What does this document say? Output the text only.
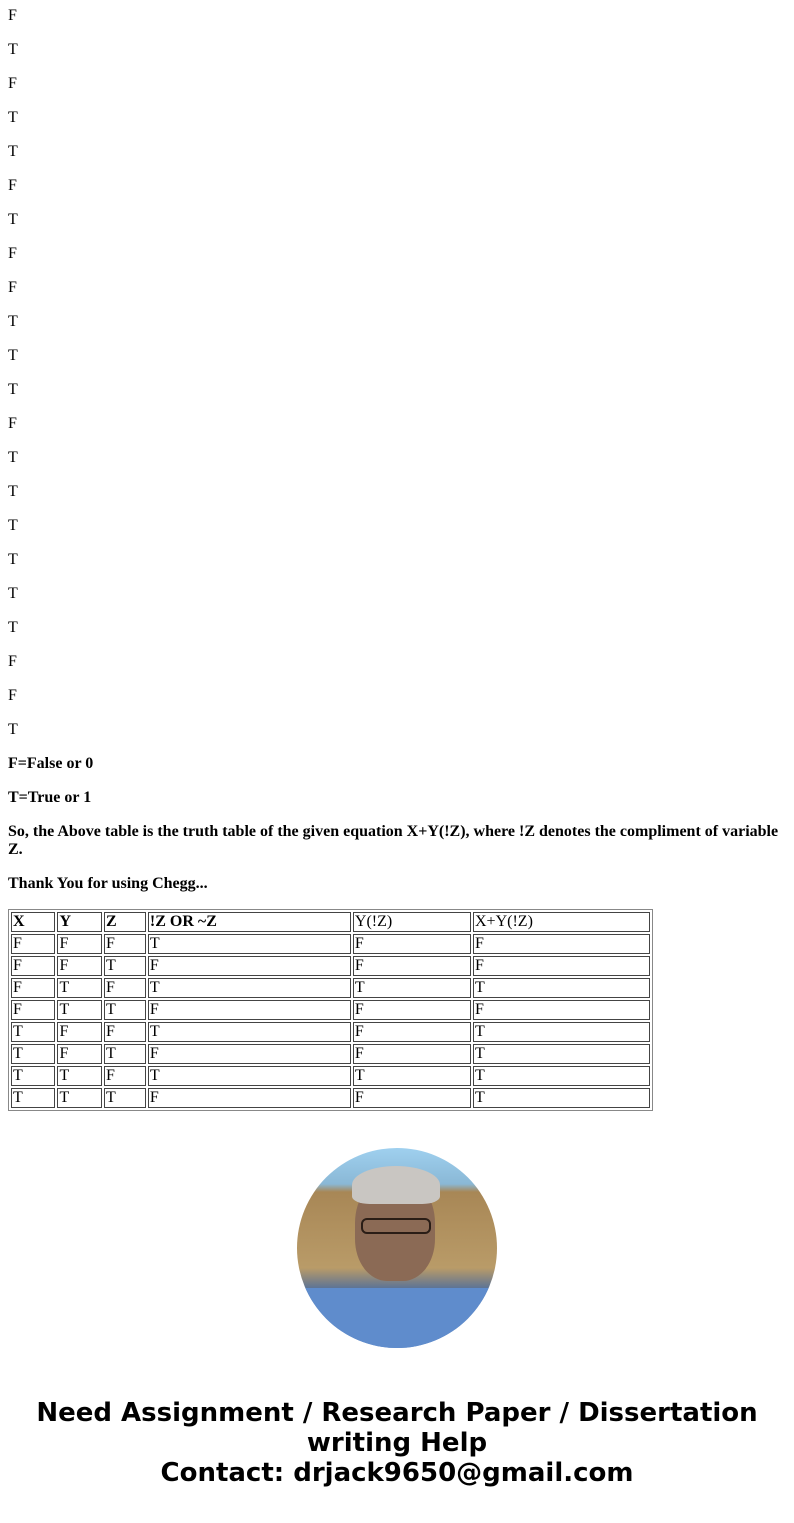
F

T

F

T

T

F

T

F

F

T

T

T

F

T

T

T

T

T

T

F

F

T

F=False or 0

T=True or 1

So, the Above table is the truth table of the given equation X+Y(!Z), where !Z denotes the compliment of variable Z.

Thank You for using Chegg...

X	Y	Z	!Z OR ~Z	Y(!Z)	X+Y(!Z)
F	F	F	T	F	F
F	F	T	F	F	F
F	T	F	T	T	T
F	T	T	F	F	F
T	F	F	T	F	T
T	F	T	F	F	T
T	T	F	T	T	T
T	T	T	F	F	T
Need Assignment / Research Paper / Dissertation writing Help
Contact: drjack9650@gmail.com
